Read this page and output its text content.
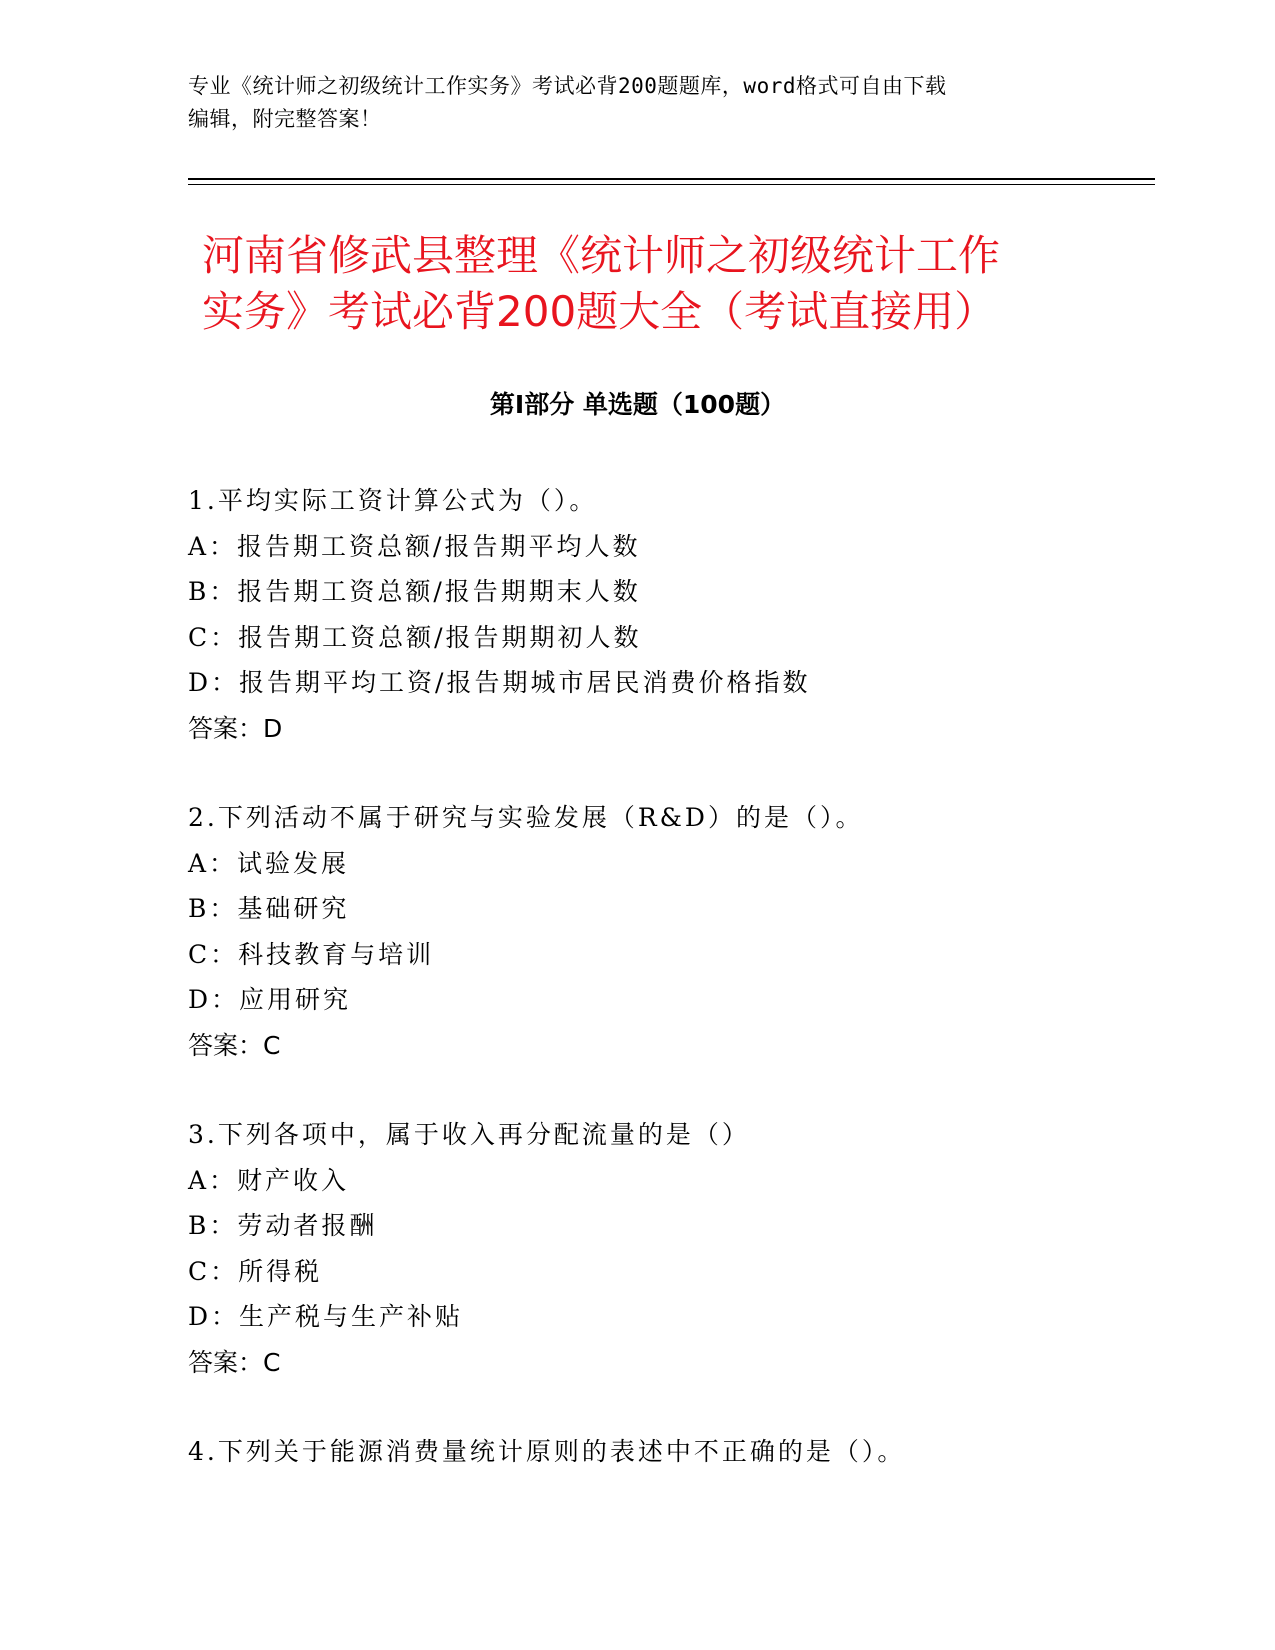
专业《统计师之初级统计工作实务》考试必背200题题库，word格式可自由下载
编辑，附完整答案！
河南省修武县整理《统计师之初级统计工作
实务》考试必背200题大全（考试直接用）
第Ⅰ部分 单选题（100题）
1.平均实际工资计算公式为（）。
A：报告期工资总额/报告期平均人数
B：报告期工资总额/报告期期末人数
C：报告期工资总额/报告期期初人数
D：报告期平均工资/报告期城市居民消费价格指数
答案：D
2.下列活动不属于研究与实验发展（R&D）的是（）。
A：试验发展
B：基础研究
C：科技教育与培训
D：应用研究
答案：C
3.下列各项中，属于收入再分配流量的是（）
A：财产收入
B：劳动者报酬
C：所得税
D：生产税与生产补贴
答案：C
4.下列关于能源消费量统计原则的表述中不正确的是（）。
